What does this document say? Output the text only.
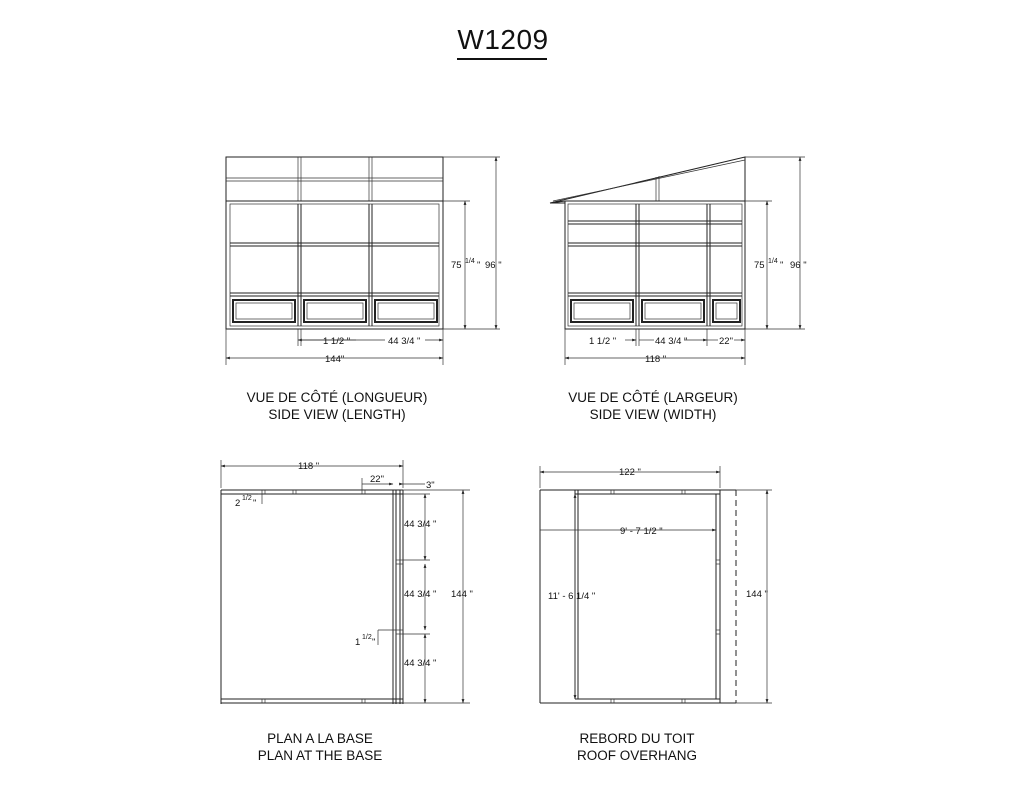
W1209
75 1/4 " 96 "
1 1/2 "	44 3/4 "
144"
75 1/4 " 96 "
1 1/2 "	44 3/4 "	22"
118 "
118 "
22"
3"
2 1/2 "
44 3/4 "
44 3/4 "
44 3/4 "
1 1/2 "
144 "
122 "
9' - 7 1/2 "
11' - 6 1/4 "	144 "
VUE DE CÔTÉ (LONGUEUR)
SIDE VIEW (LENGTH)
VUE DE CÔTÉ (LARGEUR)
SIDE VIEW (WIDTH)
PLAN A LA BASE
PLAN AT THE BASE
REBORD DU TOIT
ROOF OVERHANG
